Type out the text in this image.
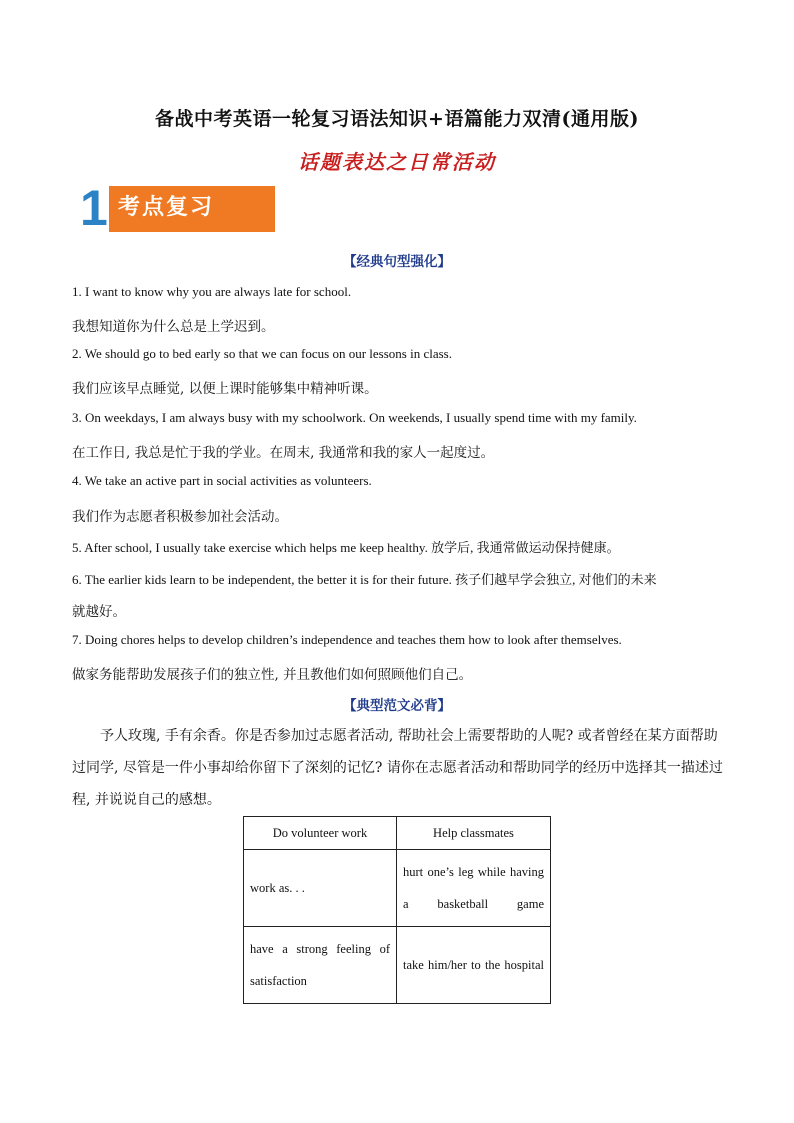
备战中考英语一轮复习语法知识+语篇能力双清(通用版)
话题表达之日常活动
1 考点复习
【经典句型强化】
1. I want to know why you are always late for school.
我想知道你为什么总是上学迟到。
2. We should go to bed early so that we can focus on our lessons in class.
我们应该早点睡觉, 以便上课时能够集中精神听课。
3. On weekdays, I am always busy with my schoolwork. On weekends, I usually spend time with my family.
在工作日, 我总是忙于我的学业。在周末, 我通常和我的家人一起度过。
4. We take an active part in social activities as volunteers.
我们作为志愿者积极参加社会活动。
5. After school, I usually take exercise which helps me keep healthy. 放学后, 我通常做运动保持健康。
6. The earlier kids learn to be independent, the better it is for their future. 孩子们越早学会独立, 对他们的未来
就越好。
7. Doing chores helps to develop children’s independence and teaches them how to look after themselves.
做家务能帮助发展孩子们的独立性, 并且教他们如何照顾他们自己。
【典型范文必背】
予人玫瑰, 手有余香。你是否参加过志愿者活动, 帮助社会上需要帮助的人呢? 或者曾经在某方面帮助过同学, 尽管是一件小事却给你留下了深刻的记忆? 请你在志愿者活动和帮助同学的经历中选择其一描述过程, 并说说自己的感想。
Do volunteer work	Help classmates
work as. . .	hurt one’s leg while having a basketball game
have a strong feeling of satisfaction	take him/her to the hospital
